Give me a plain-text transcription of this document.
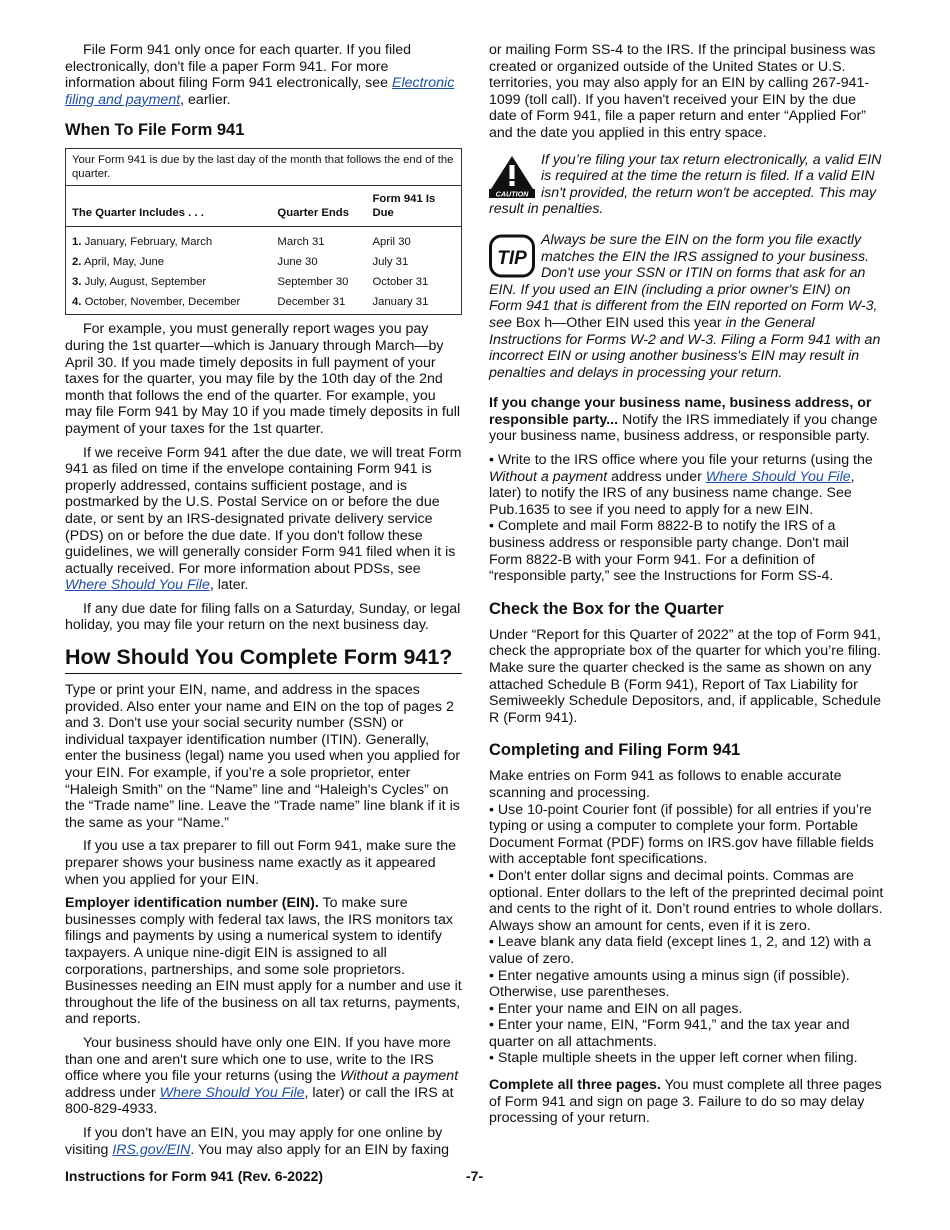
File Form 941 only once for each quarter. If you filed electronically, don't file a paper Form 941. For more information about filing Form 941 electronically, see Electronic filing and payment, earlier.

When To File Form 941
Your Form 941 is due by the last day of the month that follows the end of the quarter.		
The Quarter Includes . . .	Quarter Ends	Form 941 Is Due
1. January, February, March	March 31	April 30
2. April, May, June	June 30	July 31
3. July, August, September	September 30	October 31
4. October, November, December	December 31	January 31

For example, you must generally report wages you pay during the 1st quarter—which is January through March—by April 30. If you made timely deposits in full payment of your taxes for the quarter, you may file by the 10th day of the 2nd month that follows the end of the quarter. For example, you may file Form 941 by May 10 if you made timely deposits in full payment of your taxes for the 1st quarter.

If we receive Form 941 after the due date, we will treat Form 941 as filed on time if the envelope containing Form 941 is properly addressed, contains sufficient postage, and is postmarked by the U.S. Postal Service on or before the due date, or sent by an IRS-designated private delivery service (PDS) on or before the due date. If you don't follow these guidelines, we will generally consider Form 941 filed when it is actually received. For more information about PDSs, see Where Should You File, later.

If any due date for filing falls on a Saturday, Sunday, or legal holiday, you may file your return on the next business day.

How Should You Complete Form 941?

Type or print your EIN, name, and address in the spaces provided. Also enter your name and EIN on the top of pages 2 and 3. Don't use your social security number (SSN) or individual taxpayer identification number (ITIN). Generally, enter the business (legal) name you used when you applied for your EIN. For example, if you’re a sole proprietor, enter “Haleigh Smith” on the “Name” line and “Haleigh's Cycles” on the “Trade name” line. Leave the “Trade name” line blank if it is the same as your “Name.”

If you use a tax preparer to fill out Form 941, make sure the preparer shows your business name exactly as it appeared when you applied for your EIN.

Employer identification number (EIN). To make sure businesses comply with federal tax laws, the IRS monitors tax filings and payments by using a numerical system to identify taxpayers. A unique nine-digit EIN is assigned to all corporations, partnerships, and some sole proprietors. Businesses needing an EIN must apply for a number and use it throughout the life of the business on all tax returns, payments, and reports.

Your business should have only one EIN. If you have more than one and aren't sure which one to use, write to the IRS office where you file your returns (using the Without a payment address under Where Should You File, later) or call the IRS at 800-829-4933.

If you don't have an EIN, you may apply for one online by visiting IRS.gov/EIN. You may also apply for an EIN by faxing

or mailing Form SS-4 to the IRS. If the principal business was created or organized outside of the United States or U.S. territories, you may also apply for an EIN by calling 267-941-1099 (toll call). If you haven't received your EIN by the due date of Form 941, file a paper return and enter “Applied For” and the date you applied in this entry space.

CAUTION
If you’re filing your tax return electronically, a valid EIN is required at the time the return is filed. If a valid EIN isn't provided, the return won't be accepted. This may result in penalties.
TIP
Always be sure the EIN on the form you file exactly matches the EIN the IRS assigned to your business. Don't use your SSN or ITIN on forms that ask for an EIN. If you used an EIN (including a prior owner's EIN) on Form 941 that is different from the EIN reported on Form W-3, see Box h—Other EIN used this year in the General Instructions for Forms W-2 and W-3. Filing a Form 941 with an incorrect EIN or using another business's EIN may result in penalties and delays in processing your return.

If you change your business name, business address, or responsible party... Notify the IRS immediately if you change your business name, business address, or responsible party.

• Write to the IRS office where you file your returns (using the Without a payment address under Where Should You File, later) to notify the IRS of any business name change. See Pub.1635 to see if you need to apply for a new EIN.
• Complete and mail Form 8822-B to notify the IRS of a business address or responsible party change. Don't mail Form 8822-B with your Form 941. For a definition of “responsible party,” see the Instructions for Form SS-4.
Check the Box for the Quarter

Under “Report for this Quarter of 2022” at the top of Form 941, check the appropriate box of the quarter for which you’re filing. Make sure the quarter checked is the same as shown on any attached Schedule B (Form 941), Report of Tax Liability for Semiweekly Schedule Depositors, and, if applicable, Schedule R (Form 941).

Completing and Filing Form 941

Make entries on Form 941 as follows to enable accurate scanning and processing.

• Use 10-point Courier font (if possible) for all entries if you’re typing or using a computer to complete your form. Portable Document Format (PDF) forms on IRS.gov have fillable fields with acceptable font specifications.
• Don't enter dollar signs and decimal points. Commas are optional. Enter dollars to the left of the preprinted decimal point and cents to the right of it. Don’t round entries to whole dollars. Always show an amount for cents, even if it is zero.
• Leave blank any data field (except lines 1, 2, and 12) with a value of zero.
• Enter negative amounts using a minus sign (if possible). Otherwise, use parentheses.
• Enter your name and EIN on all pages.
• Enter your name, EIN, “Form 941,” and the tax year and quarter on all attachments.
• Staple multiple sheets in the upper left corner when filing.

Complete all three pages. You must complete all three pages of Form 941 and sign on page 3. Failure to do so may delay processing of your return.

Instructions for Form 941 (Rev. 6-2022)	-7-
